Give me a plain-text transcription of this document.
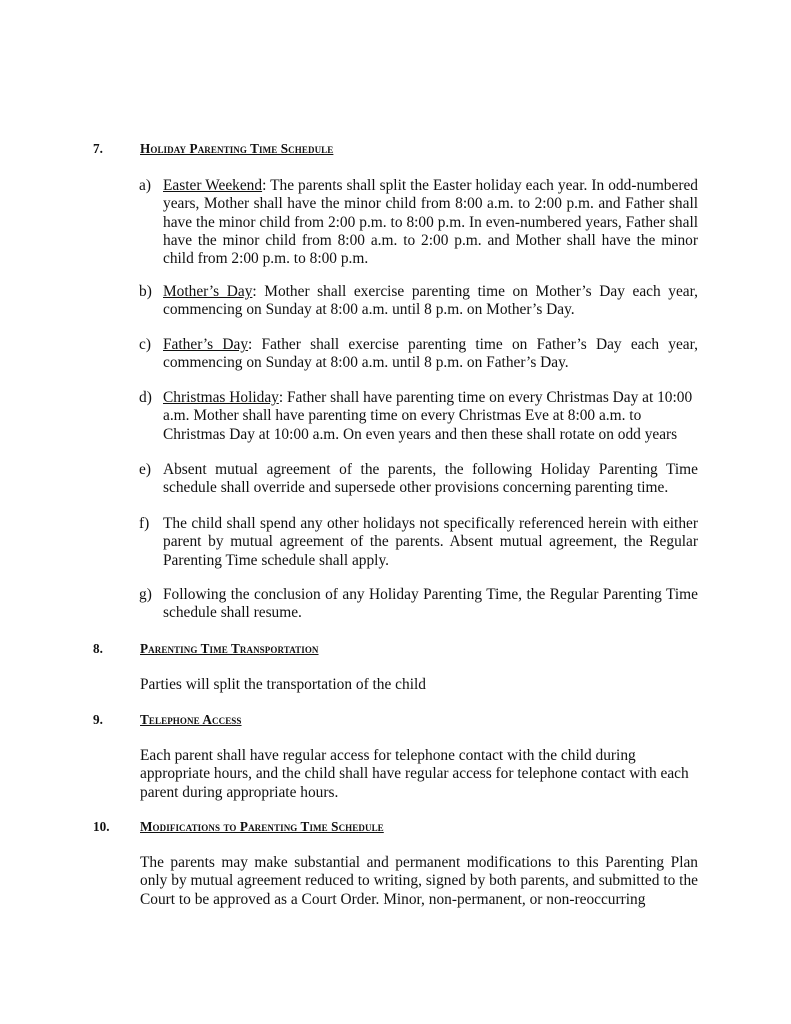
7.	Holiday Parenting Time Schedule
a) Easter Weekend: The parents shall split the Easter holiday each year. In odd-numbered years, Mother shall have the minor child from 8:00 a.m. to 2:00 p.m. and Father shall have the minor child from 2:00 p.m. to 8:00 p.m. In even-numbered years, Father shall have the minor child from 8:00 a.m. to 2:00 p.m. and Mother shall have the minor child from 2:00 p.m. to 8:00 p.m.
b) Mother’s Day: Mother shall exercise parenting time on Mother’s Day each year, commencing on Sunday at 8:00 a.m. until 8 p.m. on Mother’s Day.
c) Father’s Day: Father shall exercise parenting time on Father’s Day each year, commencing on Sunday at 8:00 a.m. until 8 p.m. on Father’s Day.
d) Christmas Holiday: Father shall have parenting time on every Christmas Day at 10:00 a.m. Mother shall have parenting time on every Christmas Eve at 8:00 a.m. to Christmas Day at 10:00 a.m. On even years and then these shall rotate on odd years
e) Absent mutual agreement of the parents, the following Holiday Parenting Time schedule shall override and supersede other provisions concerning parenting time.
f) The child shall spend any other holidays not specifically referenced herein with either parent by mutual agreement of the parents. Absent mutual agreement, the Regular Parenting Time schedule shall apply.
g) Following the conclusion of any Holiday Parenting Time, the Regular Parenting Time schedule shall resume.
8.	Parenting Time Transportation
Parties will split the transportation of the child
9.	Telephone Access
Each parent shall have regular access for telephone contact with the child during appropriate hours, and the child shall have regular access for telephone contact with each parent during appropriate hours.
10. Modifications to Parenting Time Schedule
The parents may make substantial and permanent modifications to this Parenting Plan only by mutual agreement reduced to writing, signed by both parents, and submitted to the Court to be approved as a Court Order. Minor, non-permanent, or non-reoccurring
